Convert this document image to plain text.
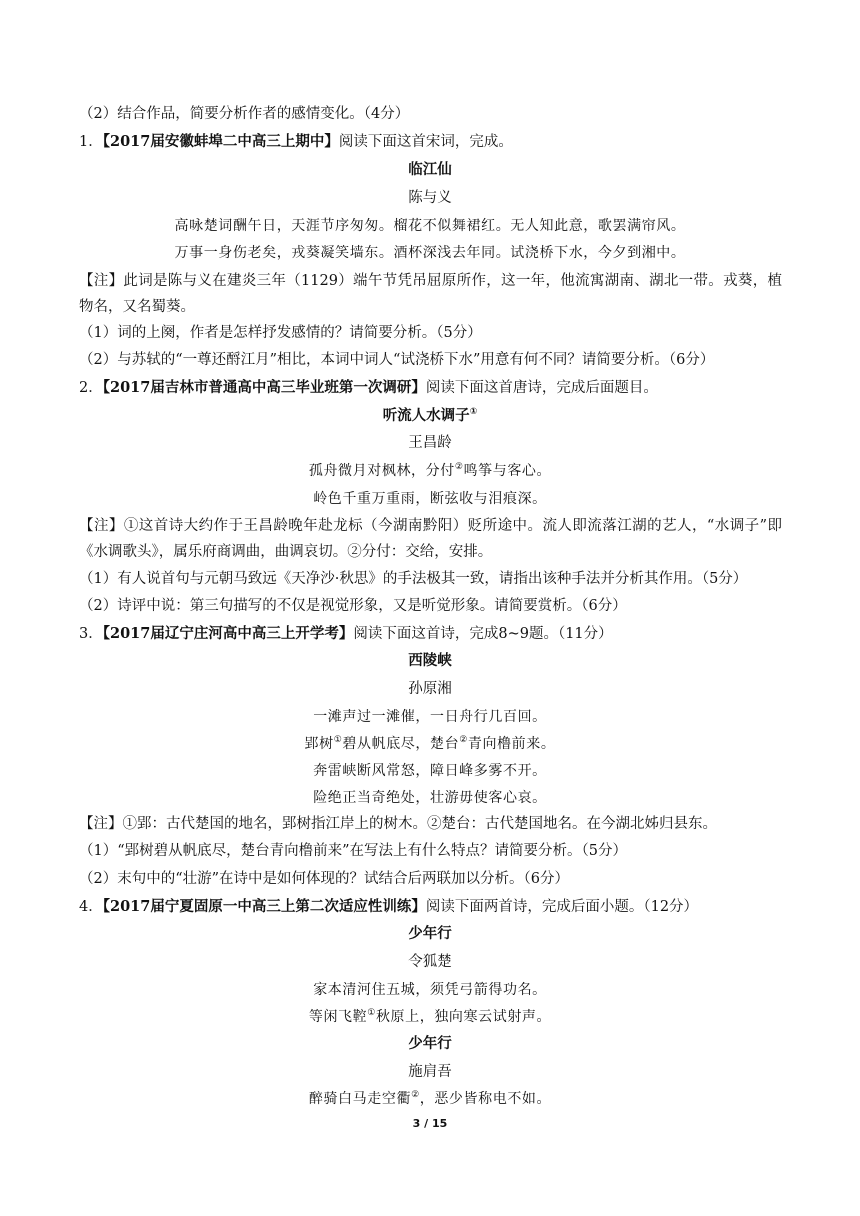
（2）结合作品，简要分析作者的感情变化。（4分）
1．【2017届安徽蚌埠二中高三上期中】阅读下面这首宋词，完成。
临江仙
陈与义
高咏楚词酬午日，天涯节序匆匆。榴花不似舞裙红。无人知此意，歌罢满帘风。
万事一身伤老矣，戎葵凝笑墙东。酒杯深浅去年同。试浇桥下水，今夕到湘中。
【注】此词是陈与义在建炎三年（1129）端午节凭吊屈原所作，这一年，他流寓湖南、湖北一带。戎葵，植物名，又名蜀葵。
（1）词的上阕，作者是怎样抒发感情的？请简要分析。（5分）
（2）与苏轼的“一尊还酹江月”相比，本词中词人“试浇桥下水”用意有何不同？请简要分析。（6分）
2．【2017届吉林市普通高中高三毕业班第一次调研】阅读下面这首唐诗，完成后面题目。
听流人水调子①
王昌龄
孤舟微月对枫林，分付②鸣筝与客心。
岭色千重万重雨，断弦收与泪痕深。
【注】①这首诗大约作于王昌龄晚年赴龙标（今湖南黔阳）贬所途中。流人即流落江湖的艺人，“水调子”即《水调歌头》，属乐府商调曲，曲调哀切。②分付：交给，安排。
（1）有人说首句与元朝马致远《天净沙·秋思》的手法极其一致，请指出该种手法并分析其作用。（5分）
（2）诗评中说：第三句描写的不仅是视觉形象，又是听觉形象。请简要赏析。（6分）
3．【2017届辽宁庄河高中高三上开学考】阅读下面这首诗，完成8~9题。（11分）
西陵峡
孙原湘
一滩声过一滩催，一日舟行几百回。
郢树①碧从帆底尽，楚台②青向橹前来。
奔雷峡断风常怒，障日峰多雾不开。
险绝正当奇绝处，壮游毋使客心哀。
【注】①郢：古代楚国的地名，郢树指江岸上的树木。②楚台：古代楚国地名。在今湖北姊归县东。
（1）“郢树碧从帆底尽，楚台青向橹前来”在写法上有什么特点？请简要分析。（5分）
（2）末句中的“壮游”在诗中是如何体现的？试结合后两联加以分析。（6分）
4．【2017届宁夏固原一中高三上第二次适应性训练】阅读下面两首诗，完成后面小题。（12分）
少年行
令狐楚
家本清河住五城，须凭弓箭得功名。
等闲飞鞚①秋原上，独向寒云试射声。
少年行
施肩吾
醉骑白马走空衢②，恶少皆称电不如。
3 / 15
